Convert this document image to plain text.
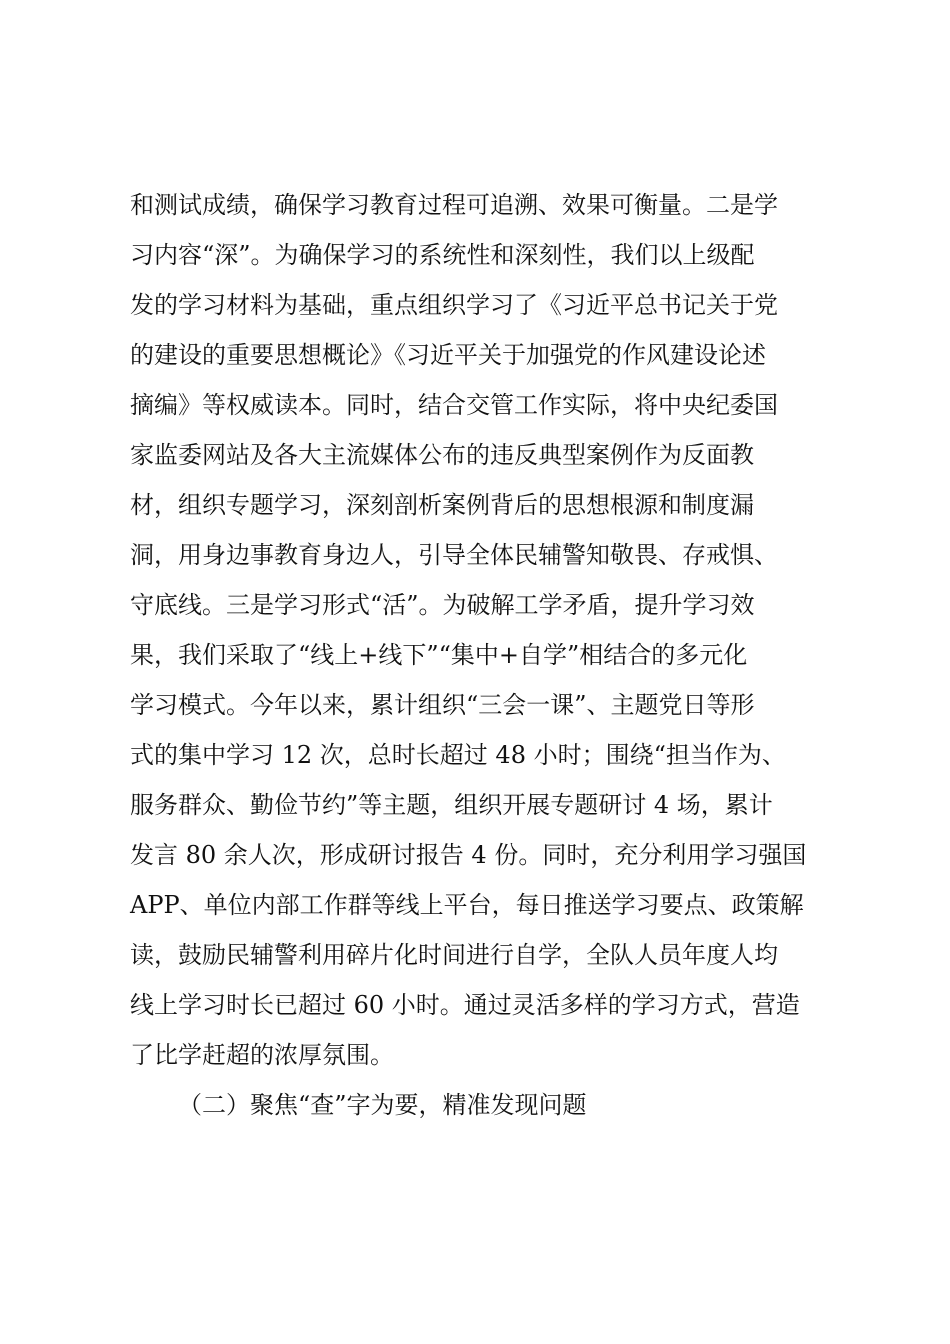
和测试成绩，确保学习教育过程可追溯、效果可衡量。二是学
习内容“深”。为确保学习的系统性和深刻性，我们以上级配
发的学习材料为基础，重点组织学习了《习近平总书记关于党
的建设的重要思想概论》《习近平关于加强党的作风建设论述
摘编》等权威读本。同时，结合交管工作实际，将中央纪委国
家监委网站及各大主流媒体公布的违反典型案例作为反面教
材，组织专题学习，深刻剖析案例背后的思想根源和制度漏
洞，用身边事教育身边人，引导全体民辅警知敬畏、存戒惧、
守底线。三是学习形式“活”。为破解工学矛盾，提升学习效
果，我们采取了“线上+线下”“集中+自学”相结合的多元化
学习模式。今年以来，累计组织“三会一课”、主题党日等形
式的集中学习 12 次，总时长超过 48 小时；围绕“担当作为、
服务群众、勤俭节约”等主题，组织开展专题研讨 4 场，累计
发言 80 余人次，形成研讨报告 4 份。同时，充分利用学习强国
APP、单位内部工作群等线上平台，每日推送学习要点、政策解
读，鼓励民辅警利用碎片化时间进行自学，全队人员年度人均
线上学习时长已超过 60 小时。通过灵活多样的学习方式，营造
了比学赶超的浓厚氛围。
（二）聚焦“查”字为要，精准发现问题
